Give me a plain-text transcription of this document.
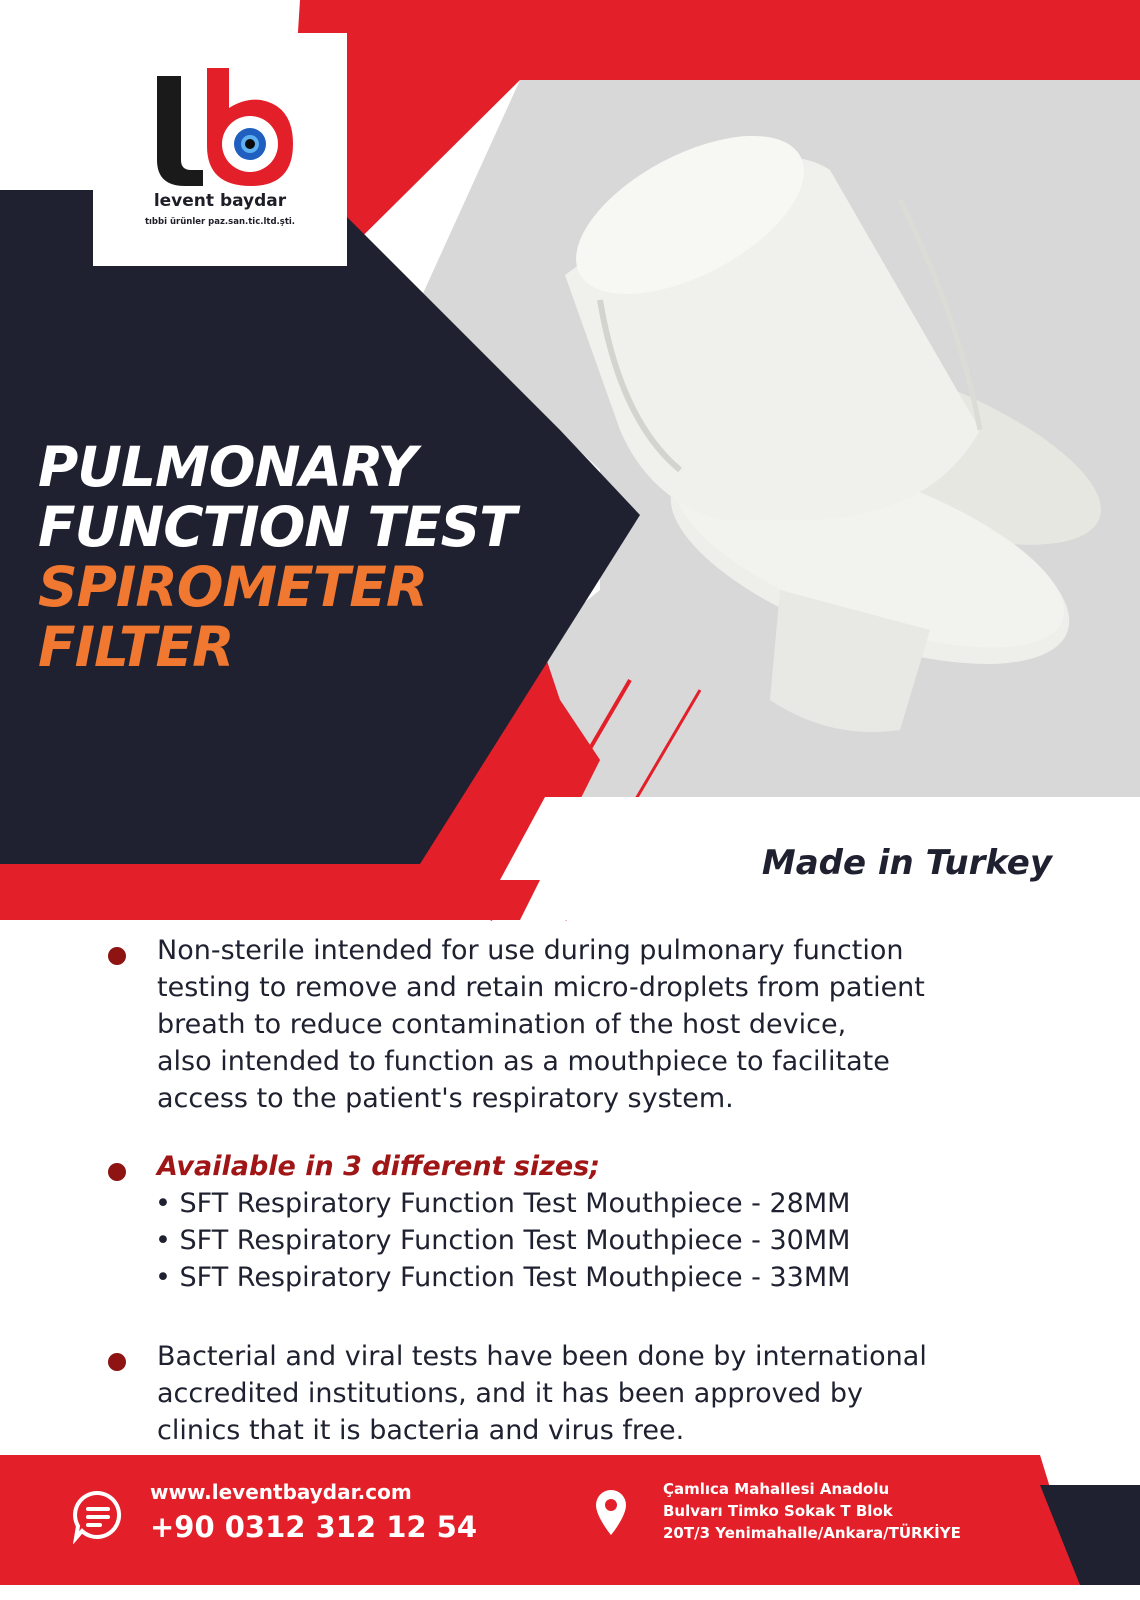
levent baydar
tıbbi ürünler paz.san.tic.ltd.şti.
PULMONARY
FUNCTION TEST
SPIROMETER
FILTER
Made in Turkey
Non-sterile intended for use during pulmonary function
testing to remove and retain micro-droplets from patient
breath to reduce contamination of the host device,
also intended to function as a mouthpiece to facilitate
access to the patient's respiratory system.
Available in 3 different sizes;
• SFT Respiratory Function Test Mouthpiece - 28MM
• SFT Respiratory Function Test Mouthpiece - 30MM
• SFT Respiratory Function Test Mouthpiece - 33MM
Bacterial and viral tests have been done by international
accredited institutions, and it has been approved by
clinics that it is bacteria and virus free.
www.leventbaydar.com
+90 0312 312 12 54
Çamlıca Mahallesi Anadolu
Bulvarı Timko Sokak T Blok
20T/3 Yenimahalle/Ankara/TÜRKİYE
